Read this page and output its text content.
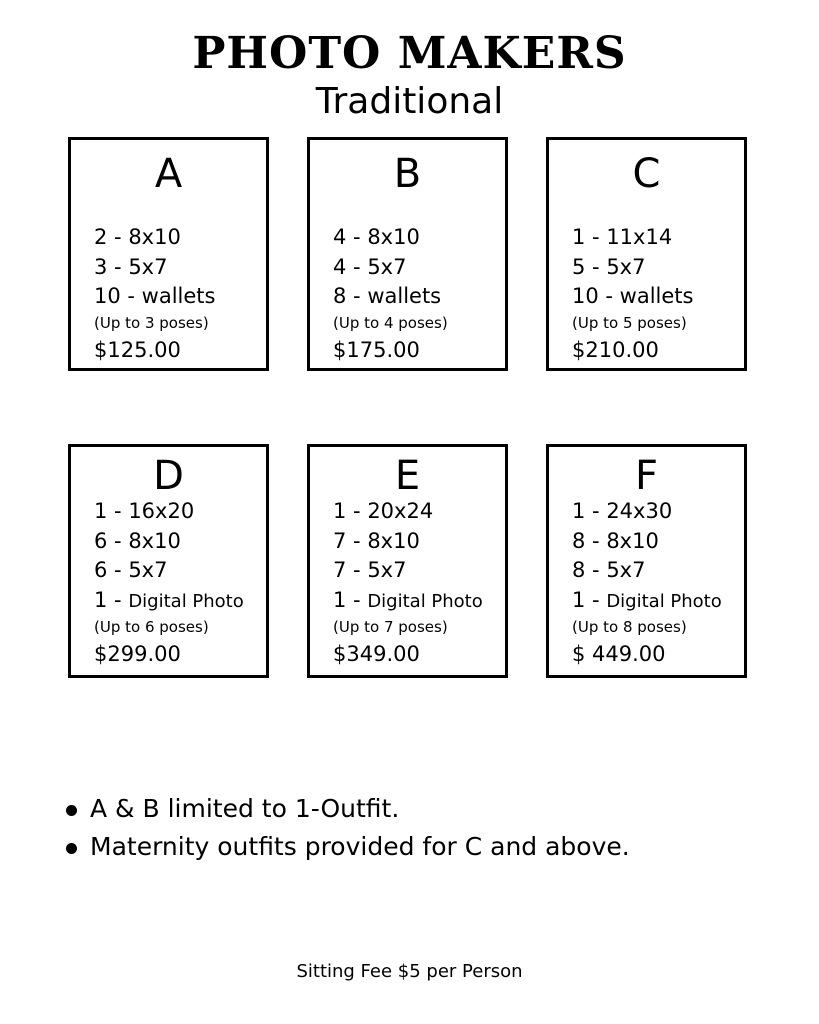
PHOTO MAKERS
Traditional
A
2 - 8x10
3 - 5x7
10 - wallets
(Up to 3 poses)
$125.00
B
4 - 8x10
4 - 5x7
8 - wallets
(Up to 4 poses)
$175.00
C
1 - 11x14
5 - 5x7
10 - wallets
(Up to 5 poses)
$210.00
D
1 - 16x20
6 - 8x10
6 - 5x7
1 - Digital Photo
(Up to 6 poses)
$299.00
E
1 - 20x24
7 - 8x10
7 - 5x7
1 - Digital Photo
(Up to 7 poses)
$349.00
F
1 - 24x30
8 - 8x10
8 - 5x7
1 - Digital Photo
(Up to 8 poses)
$ 449.00
A & B limited to 1-Outfit.
Maternity outfits provided for C and above.
Sitting Fee $5 per Person
